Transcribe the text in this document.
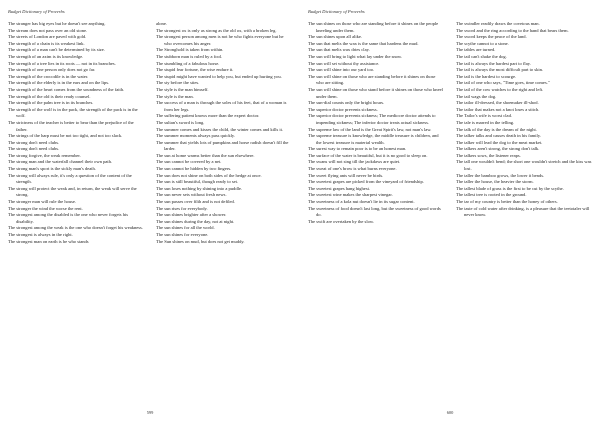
Budget Dictionary of Proverbs
The stranger has big eyes but he doesn't see anything.
The stream does not pass over an old stone.
The streets of London are paved with gold.
The strength of a chain is its weakest link.
The strength of a man can't be determined by its size.
The strength of an axim is its knowledge.
The strength of a tree lies in its roots — not in its branches.
The strength of one person only does not go far.
The strength of the crocodile is in the water.
The strength of the elderly is in the ears and on the lips.
The strength of the heart comes from the soundness of the faith.
The strength of the old is their ready counsel.
The strength of the palm tree is in its branches.
The strength of the wolf is in the pack, the strength of the pack is in the wolf.
The strictness of the teacher is better to bear than the prejudice of the father.
The strings of the harp must be not too tight, and not too slack.
The strong don't need clubs.
The strong don't need clubs.
The strong forgive, the weak remember.
The strong man and the waterfall channel their own path.
The strong man's sport is the sickly man's death.
The strong will always rule, it's only a question of the content of the strength.
The strong will protect the weak and, in return, the weak will serve the strong.
The stronger man will rule the house.
The stronger the wind the worse the rent.
The strongest among the disabled is the one who never forgets his disability.
The strongest among the weak is the one who doesn't forget his weakness.
The strongest is always in the right.
The strongest man on earth is he who stands
alone.
The strongest ox is only as strong as the old ox, with a broken leg.
The strongest person among men is not he who fights everyone but he who overcomes his anger.
The Stronghold is taken from within.
The stubborn man is ruled by a fool.
The stumbling of a fabulous horse.
The stupid fear fortune, the wise endure it.
The stupid might have wanted to help you, but ended up hurting you.
The sty before the sties.
The style is the man himself.
The style is the man.
The success of a man is through the soles of his feet, that of a woman is from her legs.
The suffering patient knows more than the expert doctor.
The sultan's sword is long.
The summer comes and kisses the child, the winter comes and kills it.
The summer moments always pass quickly.
The summer that yields lots of pumpkins and horse radish doesn't fill the larder.
The sun at home warms better than the sun elsewhere.
The sun cannot be covered by a net.
The sun cannot be hidden by two fingers.
The sun does not shine on both sides of the hedge at once.
The sun is still beautiful, though ready to set.
The sun loses nothing by shining into a puddle.
The sun never sets without fresh news.
The sun passes over filth and is not defiled.
The sun rises for everybody.
The sun shines brighter after a shower.
The sun shines during the day, not at night.
The sun shines for all the world.
The sun shines for everyone.
The Sun shines on mud, but does not get muddy.
599
Budget Dictionary of Proverbs
The sun shines on those who are standing before it shines on the people kneeling under them.
The sun shines upon all alike.
The sun that melts the wax is the same that hardens the mud.
The sun that melts wax dries clay.
The sun will bring to light what lay under the snow.
The sun will set without thy assistance.
The sun will shine into our yard too.
The sun will shine on those who are standing before it shines on those who are sitting.
The sun will shine on those who stand before it shines on those who kneel under them.
The sun-dial counts only the bright hours.
The superior doctor prevents sickness.
The superior doctor prevents sickness; The mediocre doctor attends to impending sickness; The inferior doctor treats actual sickness.
The supreme law of the land is the Great Spirit's law, not man's law.
The supreme treasure is knowledge, the middle treasure is children, and the lowest treasure is material wealth.
The surest way to remain poor is to be an honest man.
The surface of the water is beautiful, but it is no good to sleep on.
The swans will not sing till the jackdaws are quiet.
The sweat of one's brow is what burns everyone.
The sweet flying ants will never be birds.
The sweetest grapes are picked from the vineyard of friendship.
The sweetest grapes hang highest.
The sweetest wine makes the sharpest vinegar.
The sweetness of a kola nut doesn't lie in its sugar content.
The sweetness of food doesn't last long, but the sweetness of good words do.
The swift are overtaken by the slow.
The swindler readily draws the covetous man.
The sword and the ring according to the hand that bears them.
The sword keeps the peace of the land.
The scythe cannot to a stone.
The tables are turned.
The tail can't shake the dog.
The tail is always the hardest part to flay.
The tail is always the most difficult part to skin.
The tail is the hardest to scourge.
The tail of one who says, "Time goes, time comes."
The tail of the cow watches to the right and left.
The tail wags the dog.
The tailor ill-dressed, the shoemaker ill-shod.
The tailor that makes not a knot loses a stitch.
The Tailor's wife is worst clad.
The tale is marred in the telling.
The talk of the day is the dream of the night.
The talker talks and causes death in his family.
The talker will lead the dog to the meat market.
The talkers aren't strong, the strong don't talk.
The talkers sows, the listener reaps.
The tall one wouldn't bend; the short one wouldn't stretch and the kiss was lost.
The taller the bamboo grows, the lower it bends.
The taller the house, the heavier the storm.
The tallest blade of grass is the first to be cut by the scythe.
The tallest tree is rooted in the ground.
The tar of my country is better than the honey of others.
The taste of cold water after drinking, is a pleasure that the teetotaler will never know.
600
